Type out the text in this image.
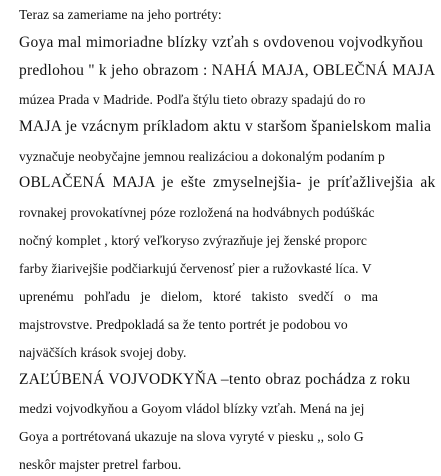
Teraz sa zameriame na jeho portréty:
Goya mal mimoriadne blízky vzťah s ovdovenou vojvodkyňou
predlohou " k jeho obrazom : NAHÁ MAJA, OBLEČNÁ MAJA
múzea Prada v Madride. Podľa štýlu tieto obrazy spadajú do ro
MAJA je vzácnym príkladom aktu v staršom španielskom malia
vyznačuje neobyčajne jemnou realizáciou a dokonalým podaním p
OBLAČENÁ MAJA je ešte zmyselnejšia- je príťažlivejšia ak
rovnakej provokatívnej póze rozložená na hodvábnych podúškác
nočný komplet , ktorý veľkoryso zvýrazňuje jej ženské proporc
farby žiarivejšie podčiarkujú červenosť pier a ružovkasté líca. V
uprenému pohľadu je dielom, ktoré takisto svedčí o ma
majstrovstve. Predpokladá sa že tento portrét je podobou vo
najväčších krások svojej doby.
ZAĽÚBENÁ VOJVODKYŇA –tento obraz pochádza z roku
medzi vojvodkyňou a Goyom vládol blízky vzťah. Mená na jej
Goya a portrétovaná ukazuje na slova vyryté v piesku ,, solo G
neskôr majster pretrel farbou.
